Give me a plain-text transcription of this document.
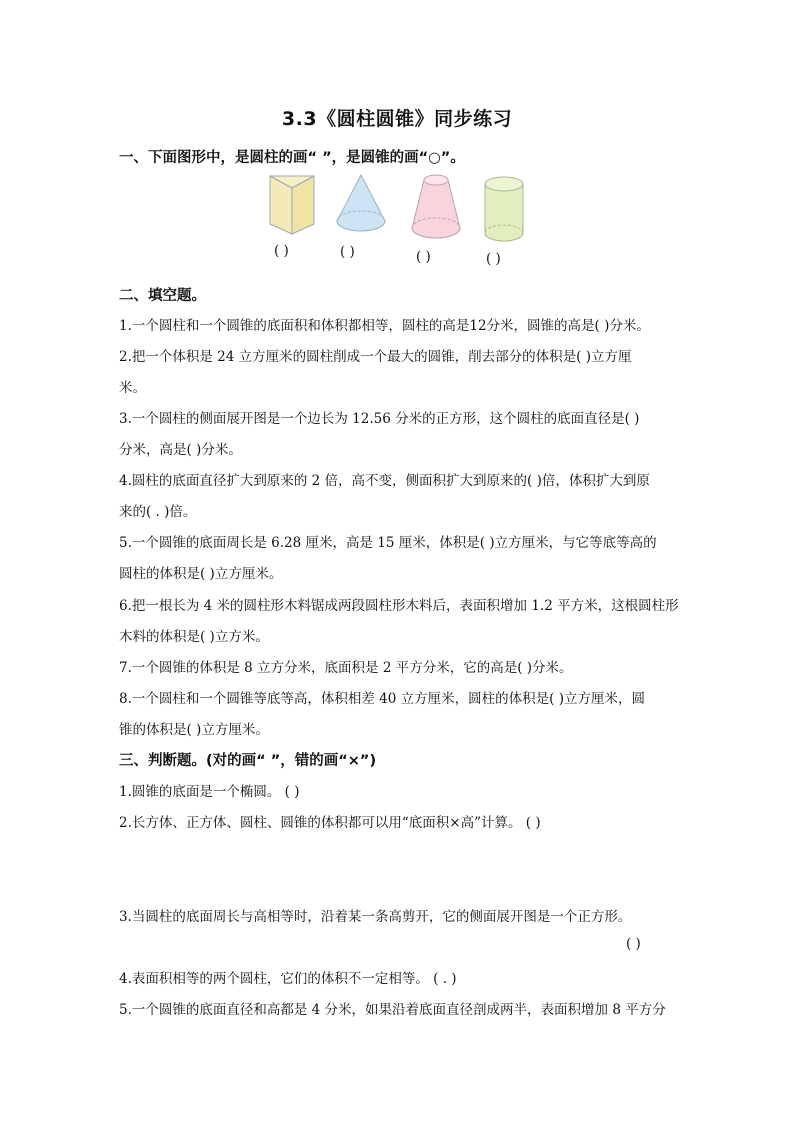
3.3《圆柱圆锥》同步练习
一、下面图形中，是圆柱的画“ ”，是圆锥的画“○”。
( )	( )	( )	( )
二、填空题。
1.一个圆柱和一个圆锥的底面积和体积都相等，圆柱的高是12分米，圆锥的高是( )分米。
2.把一个体积是 24 立方厘米的圆柱削成一个最大的圆锥，削去部分的体积是( )立方厘
米。
3.一个圆柱的侧面展开图是一个边长为 12.56 分米的正方形，这个圆柱的底面直径是( )
分米，高是( )分米。
4.圆柱的底面直径扩大到原来的 2 倍，高不变，侧面积扩大到原来的( )倍，体积扩大到原
来的( . )倍。
5.一个圆锥的底面周长是 6.28 厘米，高是 15 厘米，体积是( )立方厘米，与它等底等高的
圆柱的体积是( )立方厘米。
6.把一根长为 4 米的圆柱形木料锯成两段圆柱形木料后，表面积增加 1.2 平方米，这根圆柱形
木料的体积是( )立方米。
7.一个圆锥的体积是 8 立方分米，底面积是 2 平方分米，它的高是( )分米。
8.一个圆柱和一个圆锥等底等高，体积相差 40 立方厘米，圆柱的体积是( )立方厘米，圆
锥的体积是( )立方厘米。
三、判断题。(对的画“ ”，错的画“×”)
1.圆锥的底面是一个椭圆。 ( )
2.长方体、正方体、圆柱、圆锥的体积都可以用“底面积×高”计算。 ( )
3.当圆柱的底面周长与高相等时，沿着某一条高剪开，它的侧面展开图是一个正方形。
( )
4.表面积相等的两个圆柱，它们的体积不一定相等。 ( . )
5.一个圆锥的底面直径和高都是 4 分米，如果沿着底面直径剖成两半，表面积增加 8 平方分
